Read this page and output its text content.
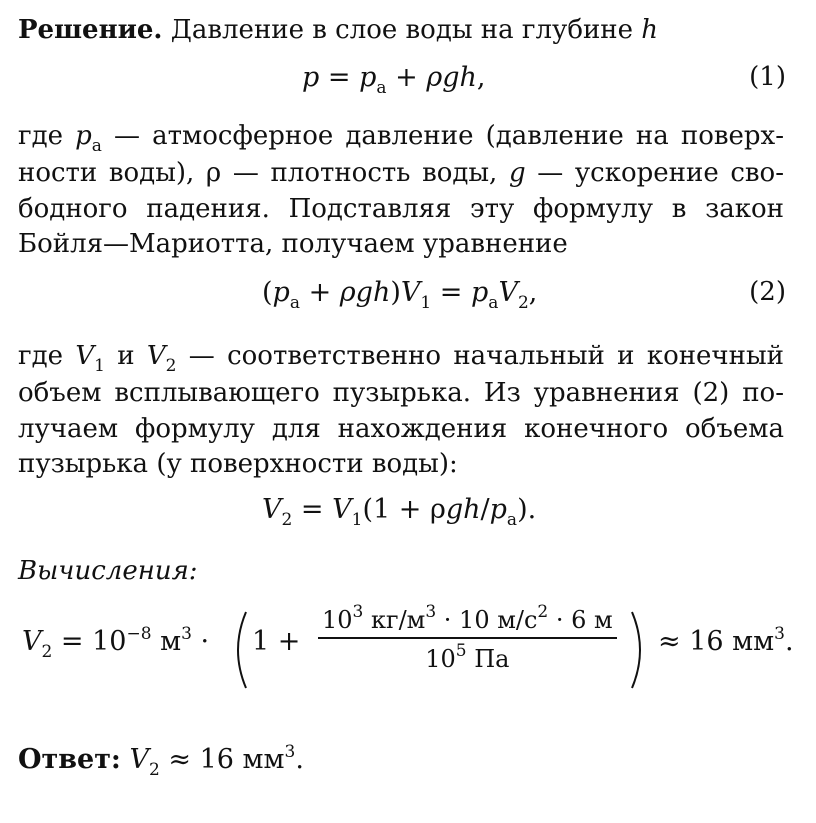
Решение. Давление в слое воды на глубине h
$p = p_а + \rho gh$,	(1)
где $p_а$ — атмосферное давление (давление на поверх-
ности воды), ρ — плотность воды, g — ускорение сво-
бодного падения. Подставляя эту формулу в закон
Бойля—Мариотта, получаем уравнение
$(p_а + \rho gh)V_1 = p_аV_2$,	(2)
где $V_1$ и $V_2$ — соответственно начальный и конечный
объем всплывающего пузырька. Из уравнения (2) по-
лучаем формулу для нахождения конечного объема
пузырька (у поверхности воды):
$V_2 = V_1(1 + \rho gh/p_а)$.
Вычисления:
$V_2 = 10^{-8}$ $м^3 \cdot 1$ +
$10^3$ $кг/м^3 \cdot 10$ $м/с^2 \cdot 6$ м
$10^5$ Па
≈ 16 $мм^3$.
Ответ: $V_2 \approx 16$ $мм^3$.
